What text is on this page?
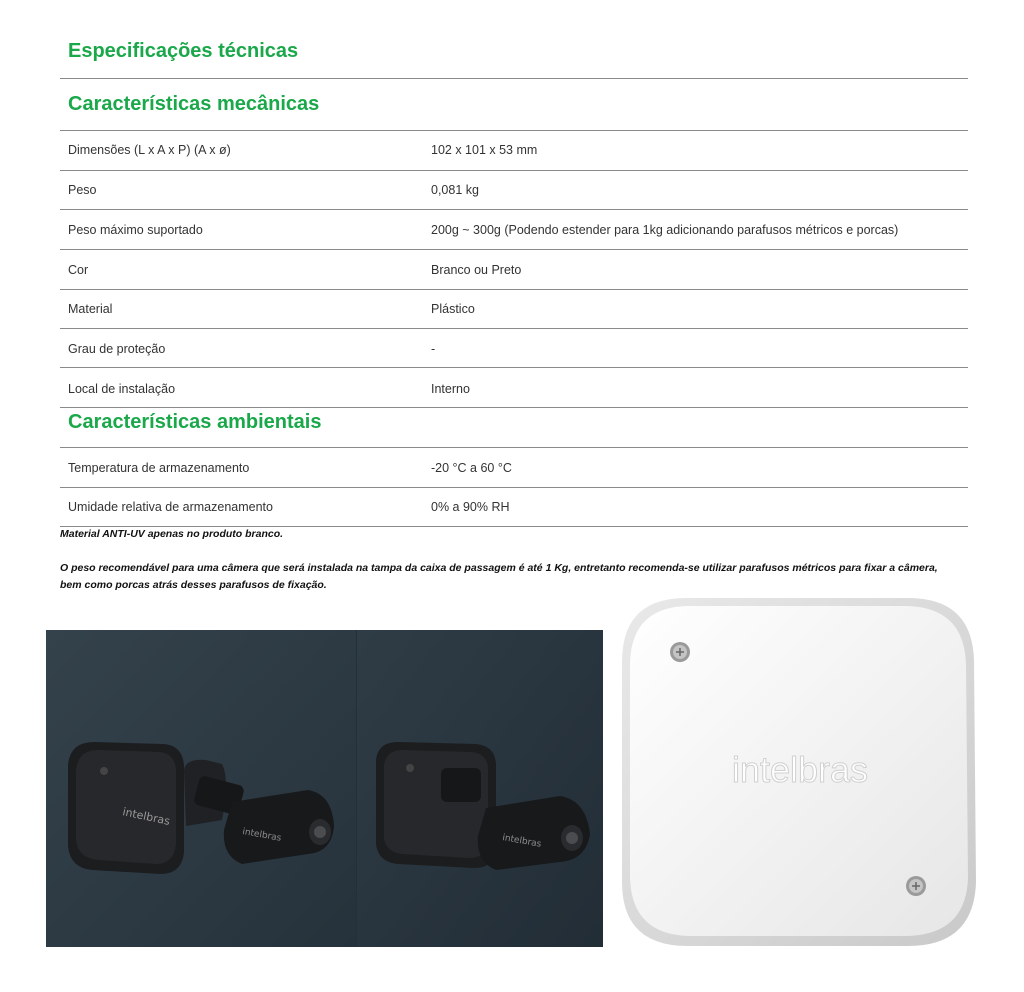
Especificações técnicas
Características mecânicas
Dimensões (L x A x P) (A x ø)	102 x 101 x 53 mm
Peso	0,081 kg
Peso máximo suportado	200g ~ 300g (Podendo estender para 1kg adicionando parafusos métricos e porcas)
Cor	Branco ou Preto
Material	Plástico
Grau de proteção	-
Local de instalação	Interno
Características ambientais
Temperatura de armazenamento	-20 °C a 60 °C
Umidade relativa de armazenamento	0% a 90% RH
Material ANTI-UV apenas no produto branco.
O peso recomendável para uma câmera que será instalada na tampa da caixa de passagem é até 1 Kg, entretanto recomenda-se utilizar parafusos métricos para fixar a câmera, bem como porcas atrás desses parafusos de fixação.
intelbras
intelbras	intelbras
intelbras
